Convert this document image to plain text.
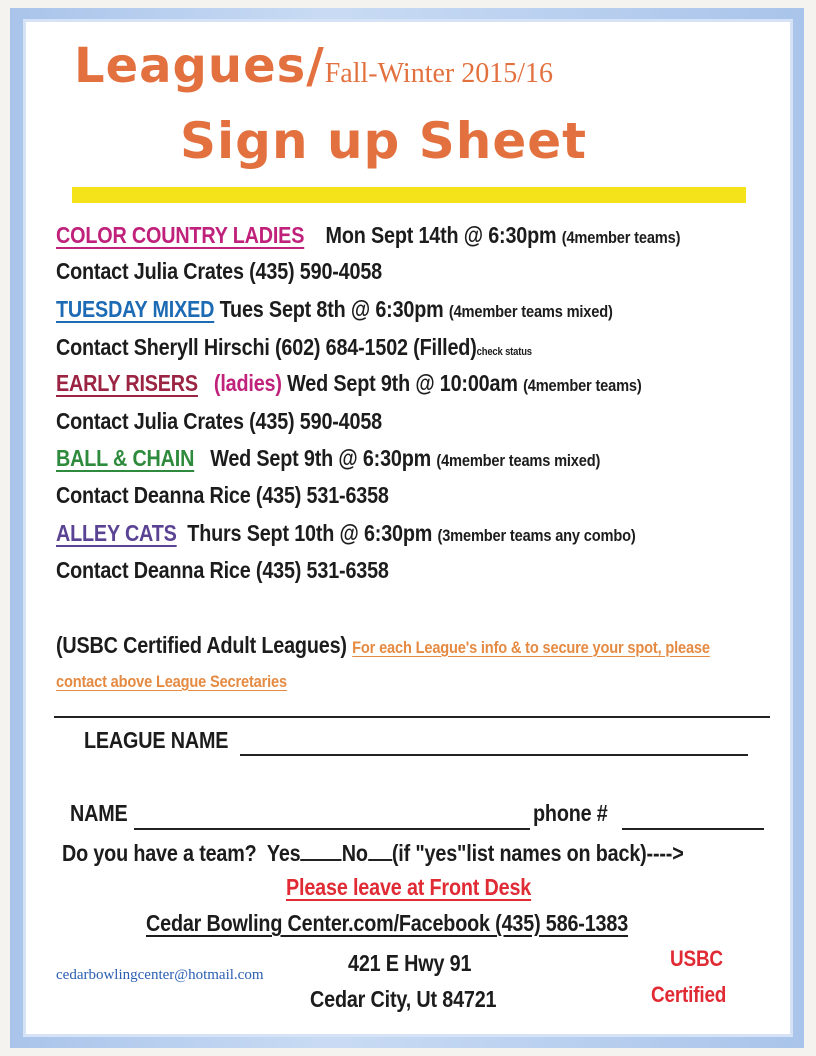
Leagues/Fall-Winter 2015/16
Sign up Sheet
COLOR COUNTRY LADIES Mon Sept 14th @ 6:30pm (4member teams)
Contact Julia Crates (435) 590-4058
TUESDAY MIXED Tues Sept 8th @ 6:30pm (4member teams mixed)
Contact Sheryll Hirschi (602) 684-1502 (Filled)check status
EARLY RISERS (ladies) Wed Sept 9th @ 10:00am (4member teams)
Contact Julia Crates (435) 590-4058
BALL & CHAIN Wed Sept 9th @ 6:30pm (4member teams mixed)
Contact Deanna Rice (435) 531-6358
ALLEY CATS Thurs Sept 10th @ 6:30pm (3member teams any combo)
Contact Deanna Rice (435) 531-6358
(USBC Certified Adult Leagues) For each League's info & to secure your spot, please
contact above League Secretaries
LEAGUE NAME
NAME	phone #
Do you have a team? Yes No (if "yes"list names on back)---->
Please leave at Front Desk
Cedar Bowling Center.com/Facebook (435) 586-1383
421 E Hwy 91
Cedar City, Ut 84721
cedarbowlingcenter@hotmail.com
USBC
Certified
